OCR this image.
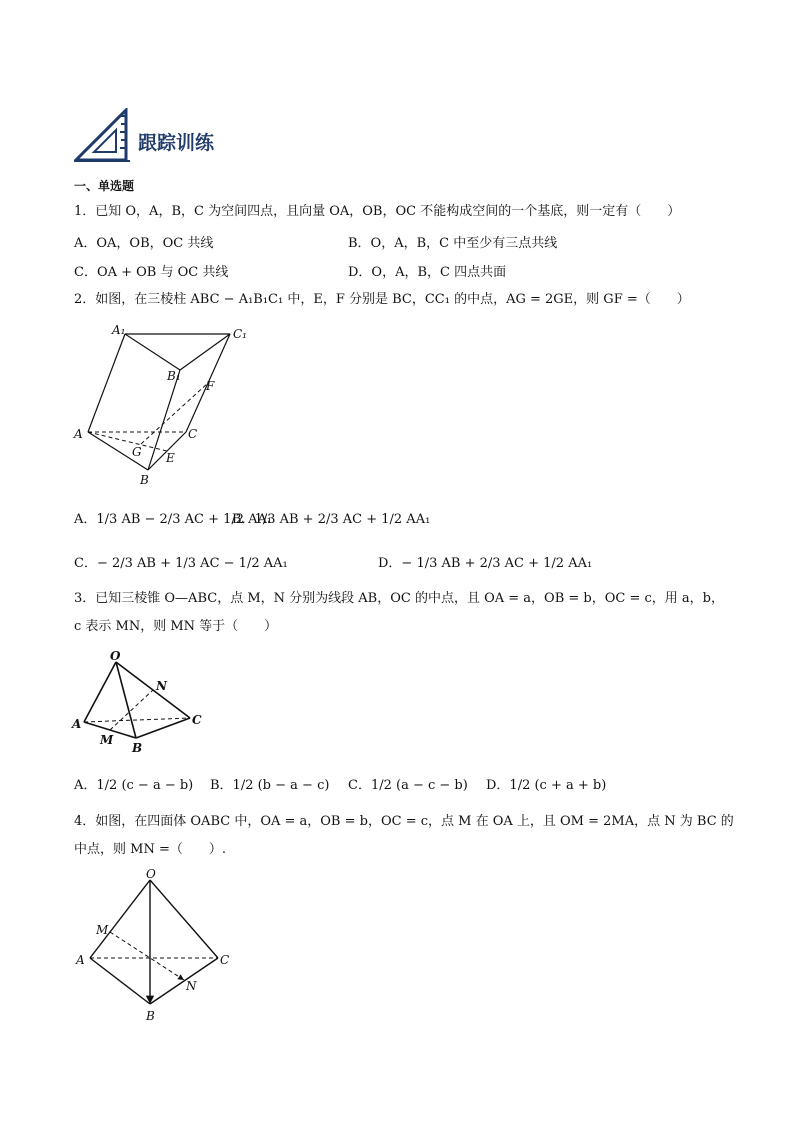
跟踪训练
一、单选题
1．已知 O，A，B，C 为空间四点，且向量 OA，OB，OC 不能构成空间的一个基底，则一定有（　　）
A．OA，OB，OC 共线	B．O，A，B，C 中至少有三点共线
C．OA + OB 与 OC 共线	D．O，A，B，C 四点共面
2．如图，在三棱柱 ABC − A₁B₁C₁ 中，E，F 分别是 BC，CC₁ 的中点，AG = 2GE，则 GF =（　　）
A₁	C₁
B₁
F
A	C
G E
B
A．1/3 AB − 2/3 AC + 1/2 AA₁
B．1/3 AB + 2/3 AC + 1/2 AA₁
C．− 2/3 AB + 1/3 AC − 1/2 AA₁	D．− 1/3 AB + 2/3 AC + 1/2 AA₁
3．已知三棱锥 O—ABC，点 M，N 分别为线段 AB，OC 的中点，且 OA = a，OB = b，OC = c，用 a，b，
c 表示 MN，则 MN 等于（　　）
O
N
A	C
M
B
A．1/2 (c − a − b) B．1/2 (b − a − c) C．1/2 (a − c − b) D．1/2 (c + a + b)
4．如图，在四面体 OABC 中，OA = a，OB = b，OC = c，点 M 在 OA 上，且 OM = 2MA，点 N 为 BC 的
中点，则 MN =（　　）.
O
M
A	C
N
B
